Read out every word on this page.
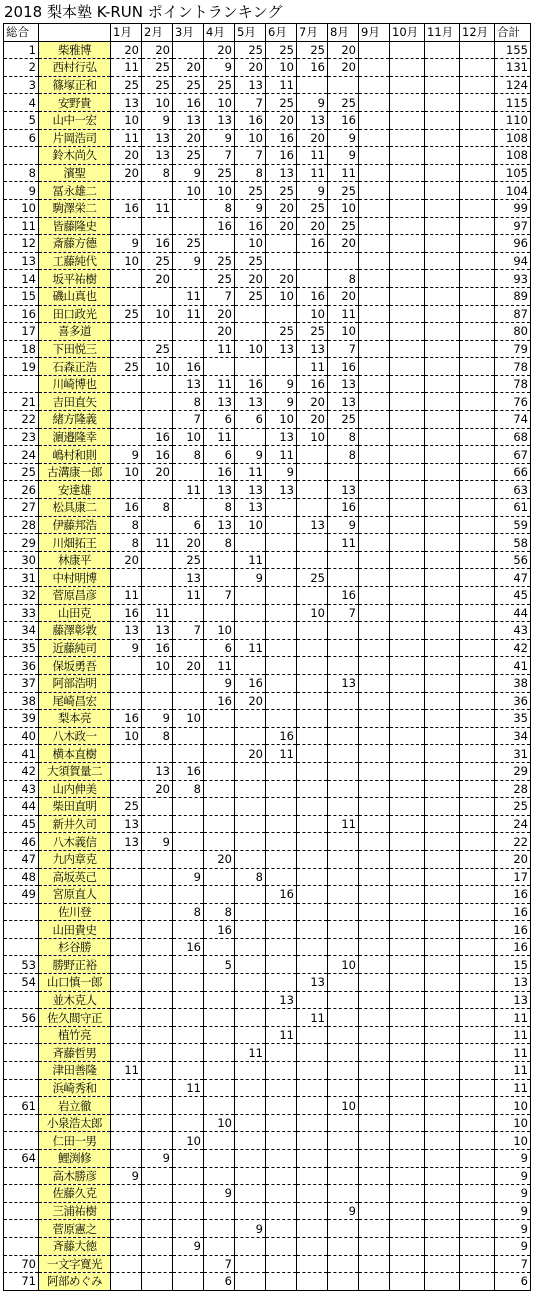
2018 梨本塾 K-RUN ポイントランキング
総合		1月	2月	3月	4月	5月	6月	7月	8月	9月	10月	11月	12月	合計
1	柴雅博	20	20		20	25	25	25	20					155
2	西村行弘	11	25	20	9	20	10	16	20					131
3	篠塚正和	25	25	25	25	13	11							124
4	安野貴	13	10	16	10	7	25	9	25					115
5	山中一宏	10	9	13	13	16	20	13	16					110
6	片岡浩司	11	13	20	9	10	16	20	9					108
	鈴木尚久	20	13	25	7	7	16	11	9					108
8	濱聖	20	8	9	25	8	13	11	11					105
9	冨永雄二			10	10	25	25	9	25					104
10	駒澤栄二	16	11		8	9	20	25	10					99
11	皆藤隆史				16	16	20	20	25					97
12	斎藤方德	9	16	25		10		16	20					96
13	工藤純代	10	25	9	25	25								94
14	坂平祐樹		20		25	20	20		8					93
15	磯山真也			11	7	25	10	16	20					89
16	田口政光	25	10	11	20			10	11					87
17	喜多道				20		25	25	10					80
18	下田悦三		25		11	10	13	13	7					79
19	石森正浩	25	10	16				11	16					78
	川崎博也			13	11	16	9	16	13					78
21	吉田直矢			8	13	13	9	20	13					76
22	緒方隆義			7	6	6	10	20	25					74
23	濵邉隆幸		16	10	11		13	10	8					68
24	嶋村和則	9	16	8	6	9	11		8					67
25	古溝康一郎	10	20		16	11	9							66
26	安達雄			11	13	13	13		13					63
27	松具康二	16	8		8	13			16					61
28	伊藤邦浩	8		6	13	10		13	9					59
29	川畑拓王	8	11	20	8				11					58
30	林康平	20		25		11								56
31	中村明博			13		9		25						47
32	菅原昌彦	11		11	7				16					45
33	山田克	16	11					10	7					44
34	藤澤彰敦	13	13	7	10									43
35	近藤純司	9	16		6	11								42
36	保坂勇吾		10	20	11									41
37	阿部浩明				9	16			13					38
38	尾崎昌宏				16	20								36
39	梨本亮	16	9	10										35
40	八木政一	10	8				16							34
41	横本直樹					20	11							31
42	大須賀量二		13	16										29
43	山内伸美		20	8										28
44	柴田直明	25												25
45	新井久司	13							11					24
46	八木義信	13	9											22
47	九内章克				20									20
48	高坂英己			9		8								17
49	宮原直人						16							16
	佐川登			8	8									16
	山田貴史				16									16
	杉谷勝			16										16
53	勝野正裕				5				10					15
54	山口慎一郎							13						13
	並木克人						13							13
56	佐久間守正							11						11
	植竹亮						11							11
	斉藤哲男					11								11
	津田善隆	11												11
	浜崎秀和			11										11
61	岩立徹								10					10
	小泉浩太郎				10									10
	仁田一男			10										10
64	鯉渕修		9											9
	高木勝彦	9												9
	佐藤久克				9									9
	三浦祐樹								9					9
	菅原憲之					9								9
	斉藤大徳			9										9
70	一文字寛光				7									7
71	阿部めぐみ				6									6
